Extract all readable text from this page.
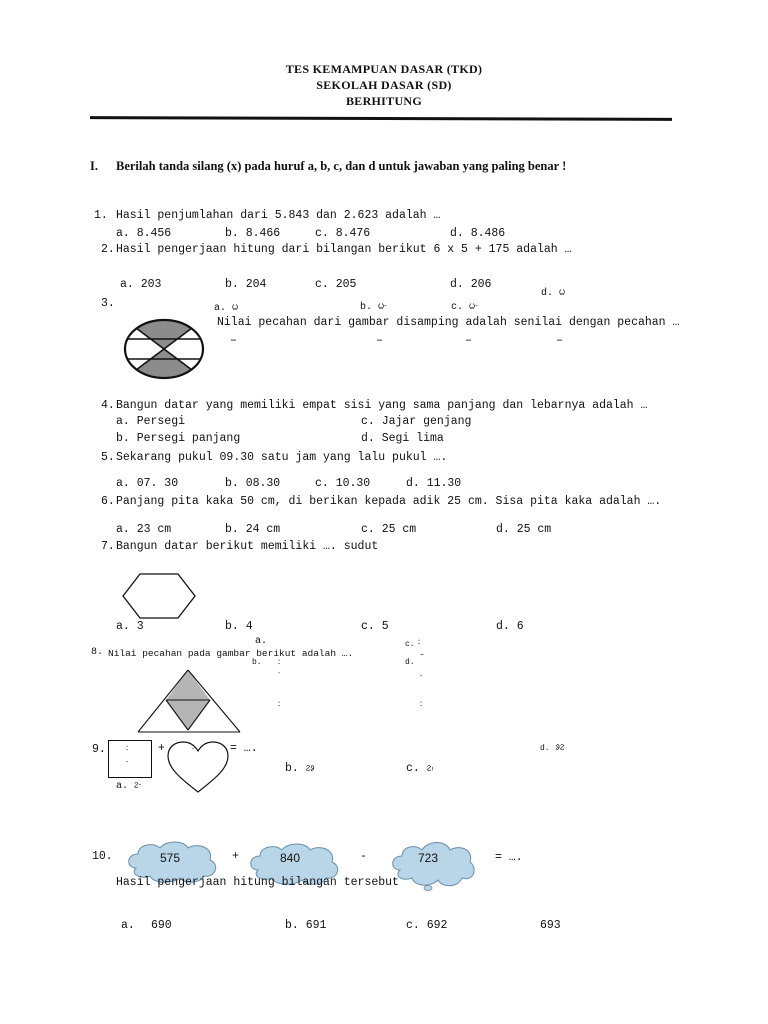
TES KEMAMPUAN DASAR (TKD)
SEKOLAH DASAR (SD)
BERHITUNG
I. Berilah tanda silang (x) pada huruf a, b, c, dan d untuk jawaban yang paling benar !
1. Hasil penjumlahan dari 5.843 dan 2.623 adalah …
a. 8.456	b. 8.466	c. 8.476	d. 8.486
2. Hasil pengerjaan hitung dari bilangan berikut 6 x 5 + 175 adalah …
a. 203	b. 204	c. 205	d. 206
3.	a. ᱦ	b. ᱦᱼ	c. ᱦᱼ
d. ᱦ
Nilai pecahan dari gambar disamping adalah senilai dengan pecahan …
–	–	–	–
4. Bangun datar yang memiliki empat sisi yang sama panjang dan lebarnya adalah …
a. Persegi	c. Jajar genjang
b. Persegi panjang	d. Segi lima
5. Sekarang pukul 09.30 satu jam yang lalu pukul ….
a. 07. 30	b. 08.30	c. 10.30	d. 11.30
6. Panjang pita kaka 50 cm, di berikan kepada adik 25 cm. Sisa pita kaka adalah ….
a. 23 cm	b. 24 cm	c. 25 cm	d. 25 cm
7. Bangun datar berikut memiliki …. sudut
a. 3	b. 4	c. 5	d. 6
8. Nilai pecahan pada gambar berikut adalah ….
a.
b.
c.
d.
ᱺ
ᱸ
ᱺ
ᱺ
ᱻ
ᱹ
ᱺ
9.	ᱺ
ᱹ
+	ᱺ	= ….
a. ᱮᱼ
b. ᱮᱽ	c. ᱮ᱾
d. ᱽᱮ
10.	575	+	840	-	723	= ….
Hasil pengerjaan hitung bilangan tersebut
a. 690	b. 691	c. 692	693
